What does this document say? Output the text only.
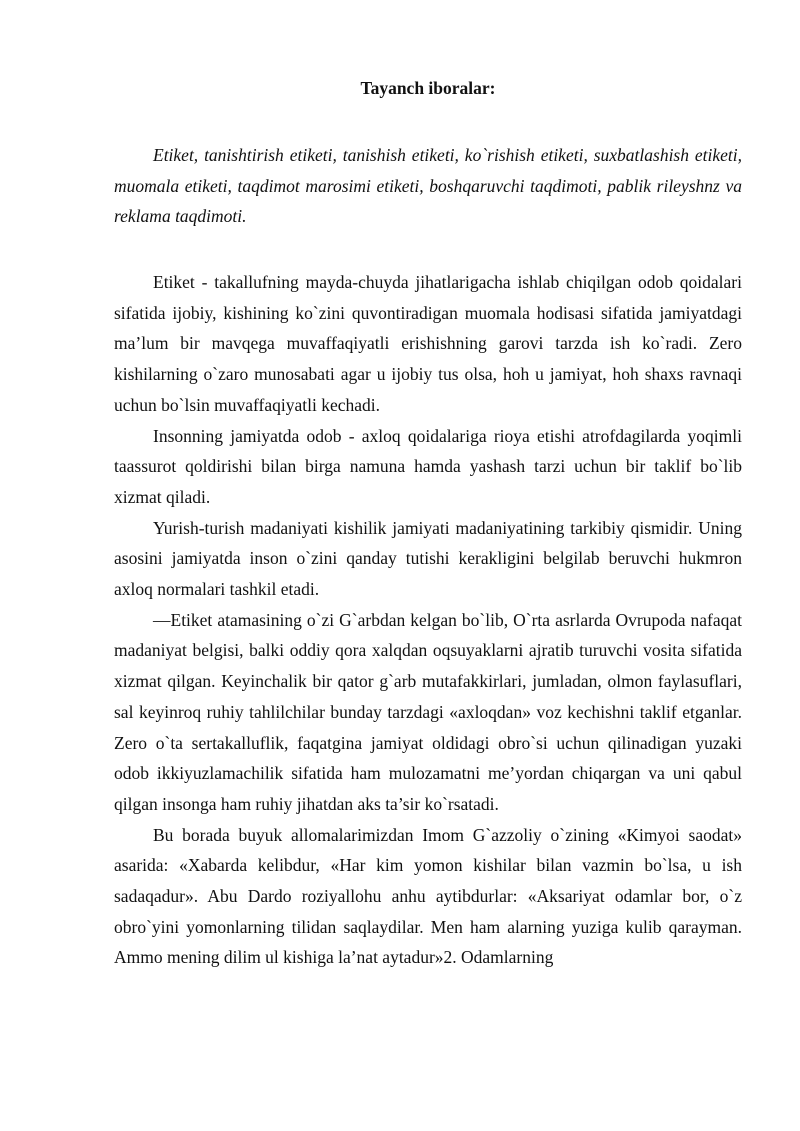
Tayanch iboralar:

Etiket, tanishtirish etiketi, tanishish etiketi, ko`rishish etiketi, suxbatlashish etiketi, muomala etiketi, taqdimot marosimi etiketi, boshqaruvchi taqdimoti, pablik rileyshnz va reklama taqdimoti.

Etiket - takallufning mayda-chuyda jihatlarigacha ishlab chiqilgan odob qoidalari sifatida ijobiy, kishining ko`zini quvontiradigan muomala hodisasi sifatida jamiyatdagi ma’lum bir mavqega muvaffaqiyatli erishishning garovi tarzda ish ko`radi. Zero kishilarning o`zaro munosabati agar u ijobiy tus olsa, hoh u jamiyat, hoh shaxs ravnaqi uchun bo`lsin muvaffaqiyatli kechadi.

Insonning jamiyatda odob - axloq qoidalariga rioya etishi atrofdagilarda yoqimli taassurot qoldirishi bilan birga namuna hamda yashash tarzi uchun bir taklif bo`lib xizmat qiladi.

Yurish-turish madaniyati kishilik jamiyati madaniyatining tarkibiy qismidir. Uning asosini jamiyatda inson o`zini qanday tutishi kerakligini belgilab beruvchi hukmron axloq normalari tashkil etadi.

—Etiket atamasining o`zi G`arbdan kelgan bo`lib, O`rta asrlarda Ovrupoda nafaqat madaniyat belgisi, balki oddiy qora xalqdan oqsuyaklarni ajratib turuvchi vosita sifatida xizmat qilgan. Keyinchalik bir qator g`arb mutafakkirlari, jumladan, olmon faylasuflari, sal keyinroq ruhiy tahlilchilar bunday tarzdagi «axloqdan» voz kechishni taklif etganlar. Zero o`ta sertakalluflik, faqatgina jamiyat oldidagi obro`si uchun qilinadigan yuzaki odob ikkiyuzlamachilik sifatida ham mulozamatni me’yordan chiqargan va uni qabul qilgan insonga ham ruhiy jihatdan aks ta’sir ko`rsatadi.

Bu borada buyuk allomalarimizdan Imom G`azzoliy o`zining «Kimyoi saodat» asarida: «Xabarda kelibdur, «Har kim yomon kishilar bilan vazmin bo`lsa, u ish sadaqadur». Abu Dardo roziyallohu anhu aytibdurlar: «Aksariyat odamlar bor, o`z obro`yini yomonlarning tilidan saqlaydilar. Men ham alarning yuziga kulib qarayman. Ammo mening dilim ul kishiga la’nat aytadur»2. Odamlarning
